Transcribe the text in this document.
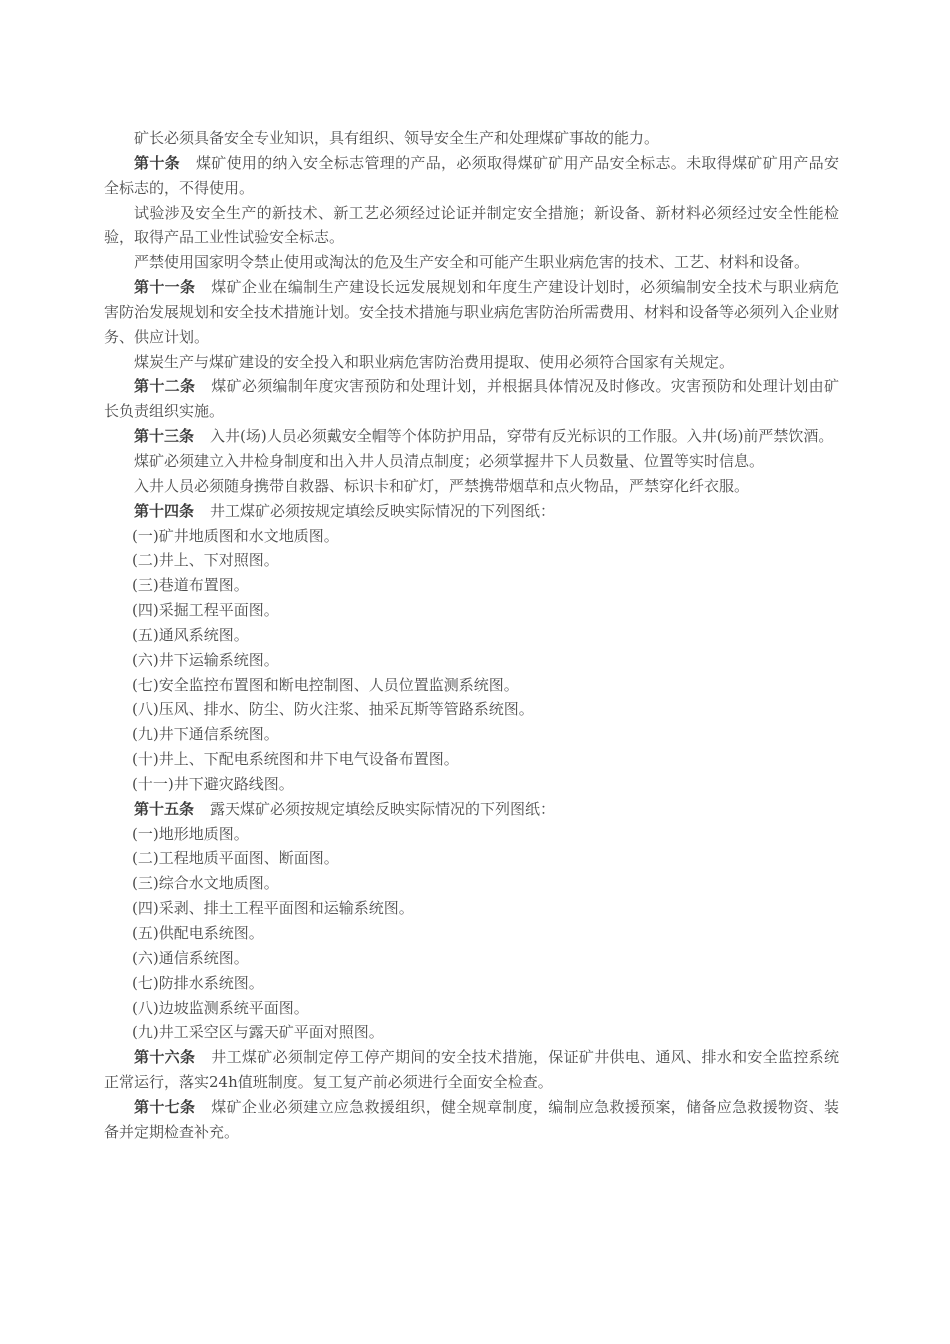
矿长必须具备安全专业知识，具有组织、领导安全生产和处理煤矿事故的能力。

第十条 煤矿使用的纳入安全标志管理的产品，必须取得煤矿矿用产品安全标志。未取得煤矿矿用产品安全标志的，不得使用。

试验涉及安全生产的新技术、新工艺必须经过论证并制定安全措施；新设备、新材料必须经过安全性能检验，取得产品工业性试验安全标志。

严禁使用国家明令禁止使用或淘汰的危及生产安全和可能产生职业病危害的技术、工艺、材料和设备。

第十一条 煤矿企业在编制生产建设长远发展规划和年度生产建设计划时，必须编制安全技术与职业病危害防治发展规划和安全技术措施计划。安全技术措施与职业病危害防治所需费用、材料和设备等必须列入企业财务、供应计划。

煤炭生产与煤矿建设的安全投入和职业病危害防治费用提取、使用必须符合国家有关规定。

第十二条 煤矿必须编制年度灾害预防和处理计划，并根据具体情况及时修改。灾害预防和处理计划由矿长负责组织实施。

第十三条 入井(场)人员必须戴安全帽等个体防护用品，穿带有反光标识的工作服。入井(场)前严禁饮酒。

煤矿必须建立入井检身制度和出入井人员清点制度；必须掌握井下人员数量、位置等实时信息。

入井人员必须随身携带自救器、标识卡和矿灯，严禁携带烟草和点火物品，严禁穿化纤衣服。

第十四条 井工煤矿必须按规定填绘反映实际情况的下列图纸：

(一)矿井地质图和水文地质图。

(二)井上、下对照图。

(三)巷道布置图。

(四)采掘工程平面图。

(五)通风系统图。

(六)井下运输系统图。

(七)安全监控布置图和断电控制图、人员位置监测系统图。

(八)压风、排水、防尘、防火注浆、抽采瓦斯等管路系统图。

(九)井下通信系统图。

(十)井上、下配电系统图和井下电气设备布置图。

(十一)井下避灾路线图。

第十五条 露天煤矿必须按规定填绘反映实际情况的下列图纸：

(一)地形地质图。

(二)工程地质平面图、断面图。

(三)综合水文地质图。

(四)采剥、排土工程平面图和运输系统图。

(五)供配电系统图。

(六)通信系统图。

(七)防排水系统图。

(八)边坡监测系统平面图。

(九)井工采空区与露天矿平面对照图。

第十六条 井工煤矿必须制定停工停产期间的安全技术措施，保证矿井供电、通风、排水和安全监控系统正常运行，落实24h值班制度。复工复产前必须进行全面安全检查。

第十七条 煤矿企业必须建立应急救援组织，健全规章制度，编制应急救援预案，储备应急救援物资、装备并定期检查补充。
